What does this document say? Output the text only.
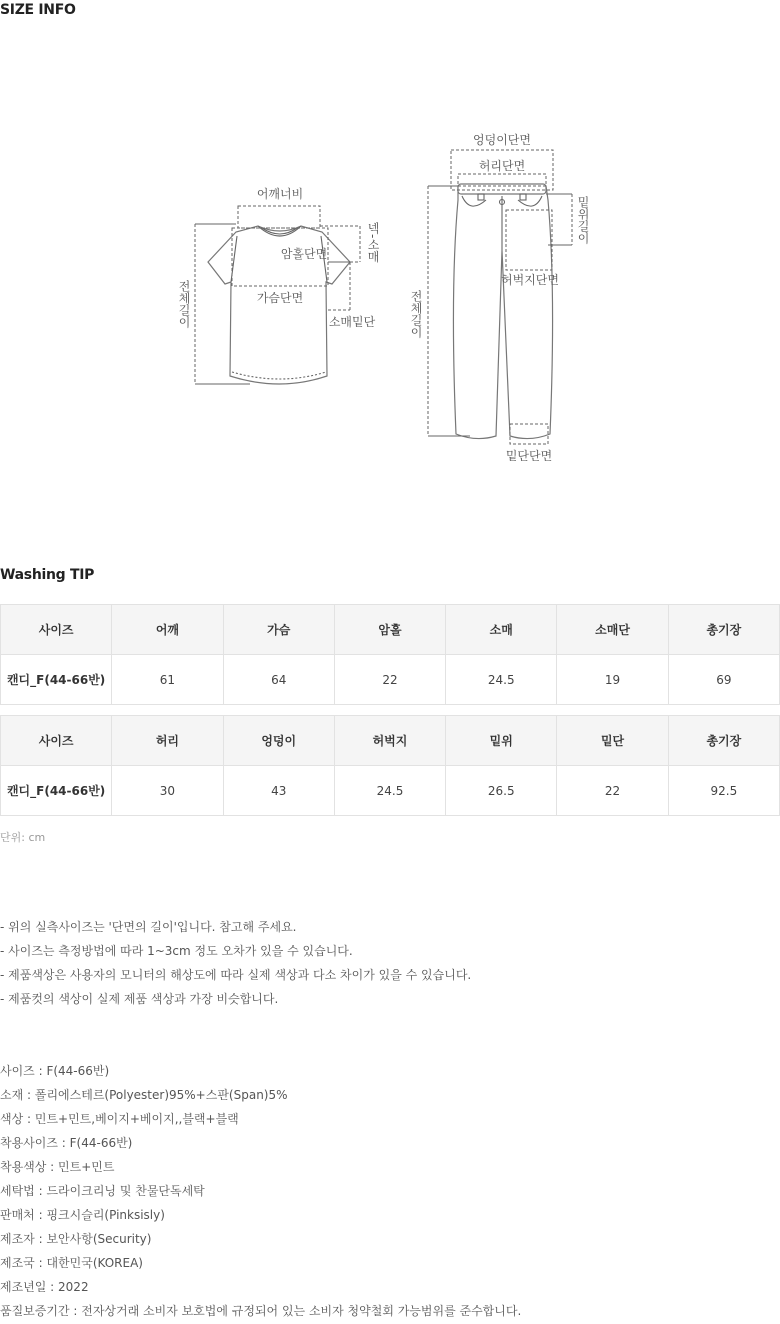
SIZE INFO
어깨너비
암홀단면
가슴단면
소매밑단
넥-소매
전체길이
엉덩이단면
허리단면
허벅지단면
밑단단면
밑위길이
전체길이
Washing TIP
사이즈	어깨	가슴	암홀	소매	소매단	총기장
캔디_F(44-66반)	61	64	22	24.5	19	69
사이즈	허리	엉덩이	허벅지	밑위	밑단	총기장
캔디_F(44-66반)	30	43	24.5	26.5	22	92.5
단위: cm
- 위의 실측사이즈는 '단면의 길이'입니다. 참고해 주세요.
- 사이즈는 측정방법에 따라 1~3cm 정도 오차가 있을 수 있습니다.
- 제품색상은 사용자의 모니터의 해상도에 따라 실제 색상과 다소 차이가 있을 수 있습니다.
- 제품컷의 색상이 실제 제품 색상과 가장 비슷합니다.
사이즈 : F(44-66반)
소재 : 폴리에스테르(Polyester)95%+스판(Span)5%
색상 : 민트+민트,베이지+베이지,,블랙+블랙
착용사이즈 : F(44-66반)
착용색상 : 민트+민트
세탁법 : 드라이크리닝 및 찬물단독세탁
판매처 : 핑크시슬리(Pinksisly)
제조자 : 보안사항(Security)
제조국 : 대한민국(KOREA)
제조년일 : 2022
품질보증기간 : 전자상거래 소비자 보호법에 규정되어 있는 소비자 청약철회 가능범위를 준수합니다.
